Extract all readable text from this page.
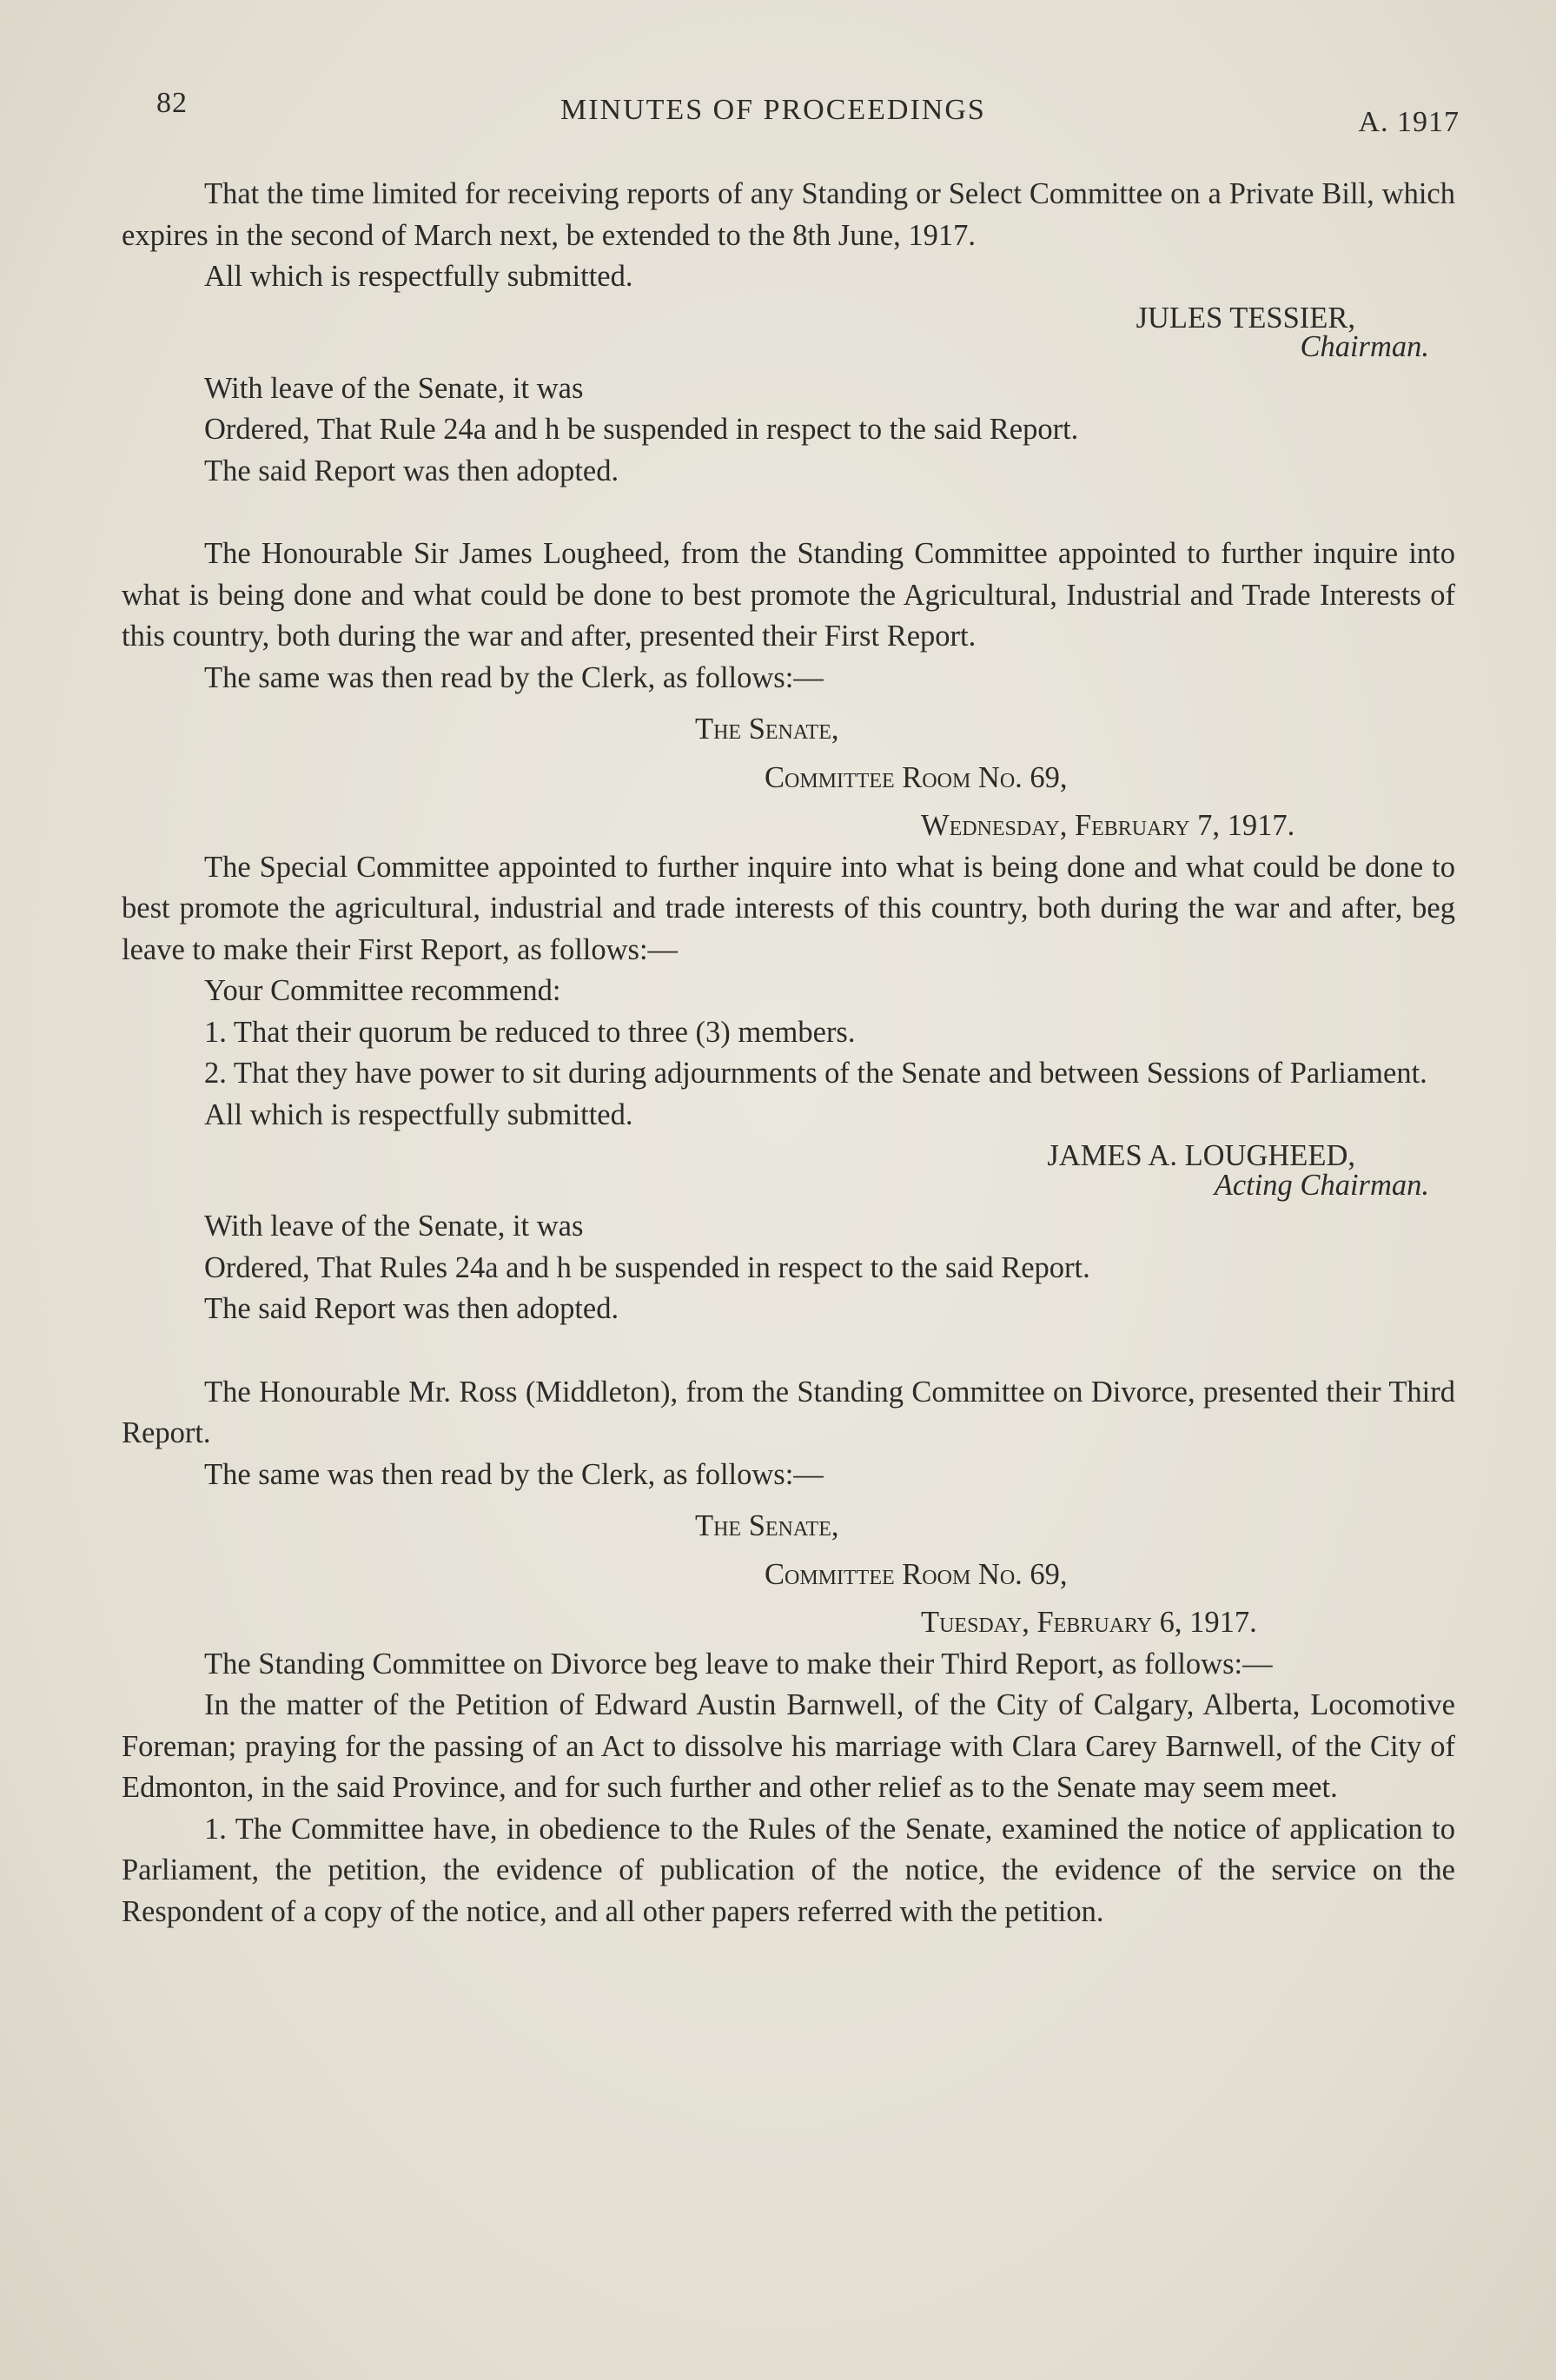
82	MINUTES OF PROCEEDINGS	A. 1917

That the time limited for receiving reports of any Standing or Select Committee on a Private Bill, which expires in the second of March next, be extended to the 8th June, 1917.

All which is respectfully submitted.

JULES TESSIER,

Chairman.

With leave of the Senate, it was

Ordered, That Rule 24a and h be suspended in respect to the said Report.

The said Report was then adopted.

The Honourable Sir James Lougheed, from the Standing Committee appointed to further inquire into what is being done and what could be done to best promote the Agricultural, Industrial and Trade Interests of this country, both during the war and after, presented their First Report.

The same was then read by the Clerk, as follows:—

The Senate,

Committee Room No. 69,

Wednesday, February 7, 1917.

The Special Committee appointed to further inquire into what is being done and what could be done to best promote the agricultural, industrial and trade interests of this country, both during the war and after, beg leave to make their First Report, as follows:—

Your Committee recommend:

1. That their quorum be reduced to three (3) members.

2. That they have power to sit during adjournments of the Senate and between Sessions of Parliament.

All which is respectfully submitted.

JAMES A. LOUGHEED,

Acting Chairman.

With leave of the Senate, it was

Ordered, That Rules 24a and h be suspended in respect to the said Report.

The said Report was then adopted.

The Honourable Mr. Ross (Middleton), from the Standing Committee on Divorce, presented their Third Report.

The same was then read by the Clerk, as follows:—

The Senate,

Committee Room No. 69,

Tuesday, February 6, 1917.

The Standing Committee on Divorce beg leave to make their Third Report, as follows:—

In the matter of the Petition of Edward Austin Barnwell, of the City of Calgary, Alberta, Locomotive Foreman; praying for the passing of an Act to dissolve his marriage with Clara Carey Barnwell, of the City of Edmonton, in the said Province, and for such further and other relief as to the Senate may seem meet.

1. The Committee have, in obedience to the Rules of the Senate, examined the notice of application to Parliament, the petition, the evidence of publication of the notice, the evidence of the service on the Respondent of a copy of the notice, and all other papers referred with the petition.
